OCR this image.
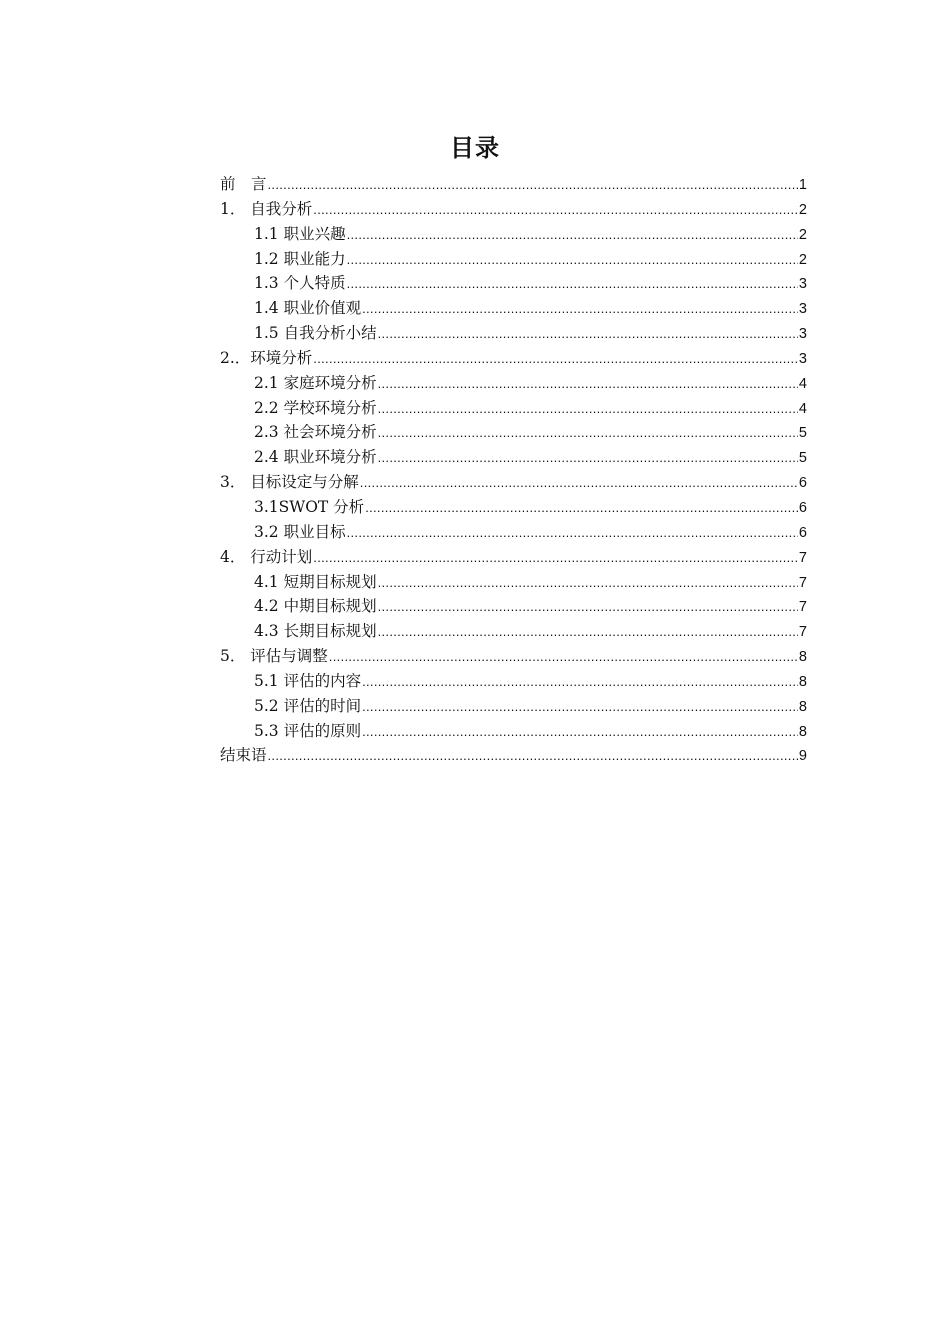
目录
前　言 .....	1
1． 自我分析 .....	2
1.1 职业兴趣 .....	2
1.2 职业能力 .....	2
1.3 个人特质 .....	3
1.4 职业价值观 .....	3
1.5 自我分析小结 .....	3
2.．环境分析 .....	3
2.1 家庭环境分析 .....	4
2.2 学校环境分析 .....	4
2.3 社会环境分析 .....	5
2.4 职业环境分析 .....	5
3． 目标设定与分解 .....	6
3.1SWOT 分析 .....	6
3.2 职业目标 .....	6
4． 行动计划 .....	7
4.1 短期目标规划 .....	7
4.2 中期目标规划 .....	7
4.3 长期目标规划 .....	7
5． 评估与调整 .....	8
5.1 评估的内容 .....	8
5.2 评估的时间 .....	8
5.3 评估的原则 .....	8
结束语 .....	9
